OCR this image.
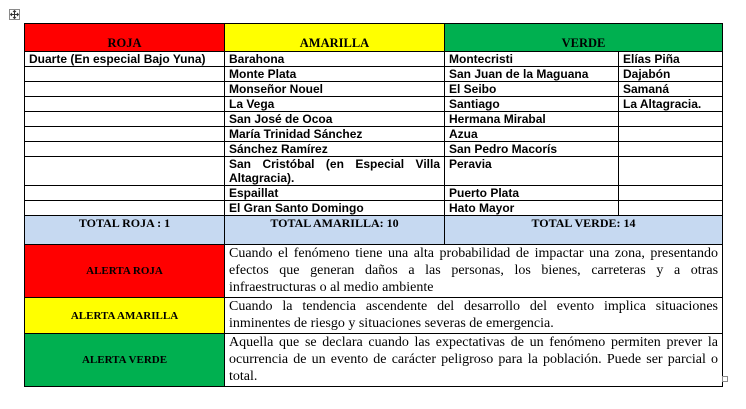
ROJA	AMARILLA	VERDE	
Duarte (En especial Bajo Yuna)	Barahona	Montecristi	Elías Piña
	Monte Plata	San Juan de la Maguana	Dajabón
	Monseñor Nouel	El Seibo	Samaná
	La Vega	Santiago	La Altagracia.
	San José de Ocoa	Hermana Mirabal	
	María Trinidad Sánchez	Azua	
	Sánchez Ramírez	San Pedro Macorís	
	San Cristóbal (en Especial Villa Altagracia).	Peravia	
	Espaillat	Puerto Plata	
	El Gran Santo Domingo	Hato Mayor	
TOTAL ROJA : 1	TOTAL AMARILLA: 10	TOTAL VERDE: 14	
ALERTA ROJA	Cuando el fenómeno tiene una alta probabilidad de impactar una zona, presentando efectos que generan daños a las personas, los bienes, carreteras y a otras infraestructuras o al medio ambiente		
ALERTA AMARILLA	Cuando la tendencia ascendente del desarrollo del evento implica situaciones inminentes de riesgo y situaciones severas de emergencia.		
ALERTA VERDE	Aquella que se declara cuando las expectativas de un fenómeno permiten prever la ocurrencia de un evento de carácter peligroso para la población. Puede ser parcial o total.		
